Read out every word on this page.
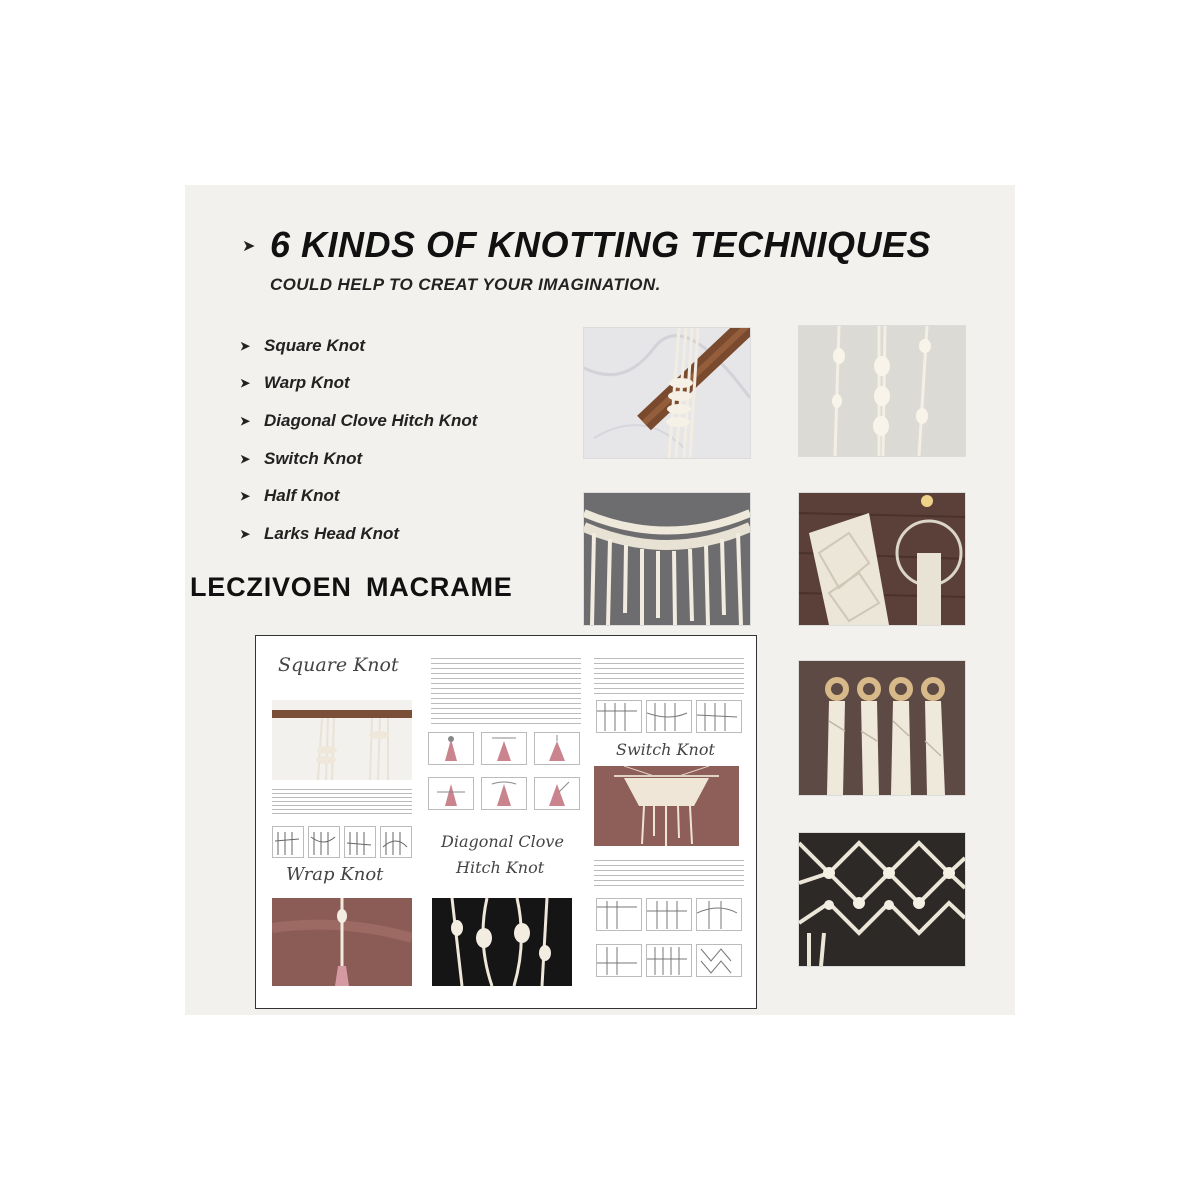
➤ 6 KINDS OF KNOTTING TECHNIQUES
COULD HELP TO CREAT YOUR IMAGINATION.
➤ Square Knot
➤ Warp Knot
➤ Diagonal Clove Hitch Knot
➤ Switch Knot
➤ Half Knot
➤ Larks Head Knot
LECZIVOEN MACRAME
Square Knot
Wrap Knot
Diagonal Clove
Hitch Knot
Switch Knot
